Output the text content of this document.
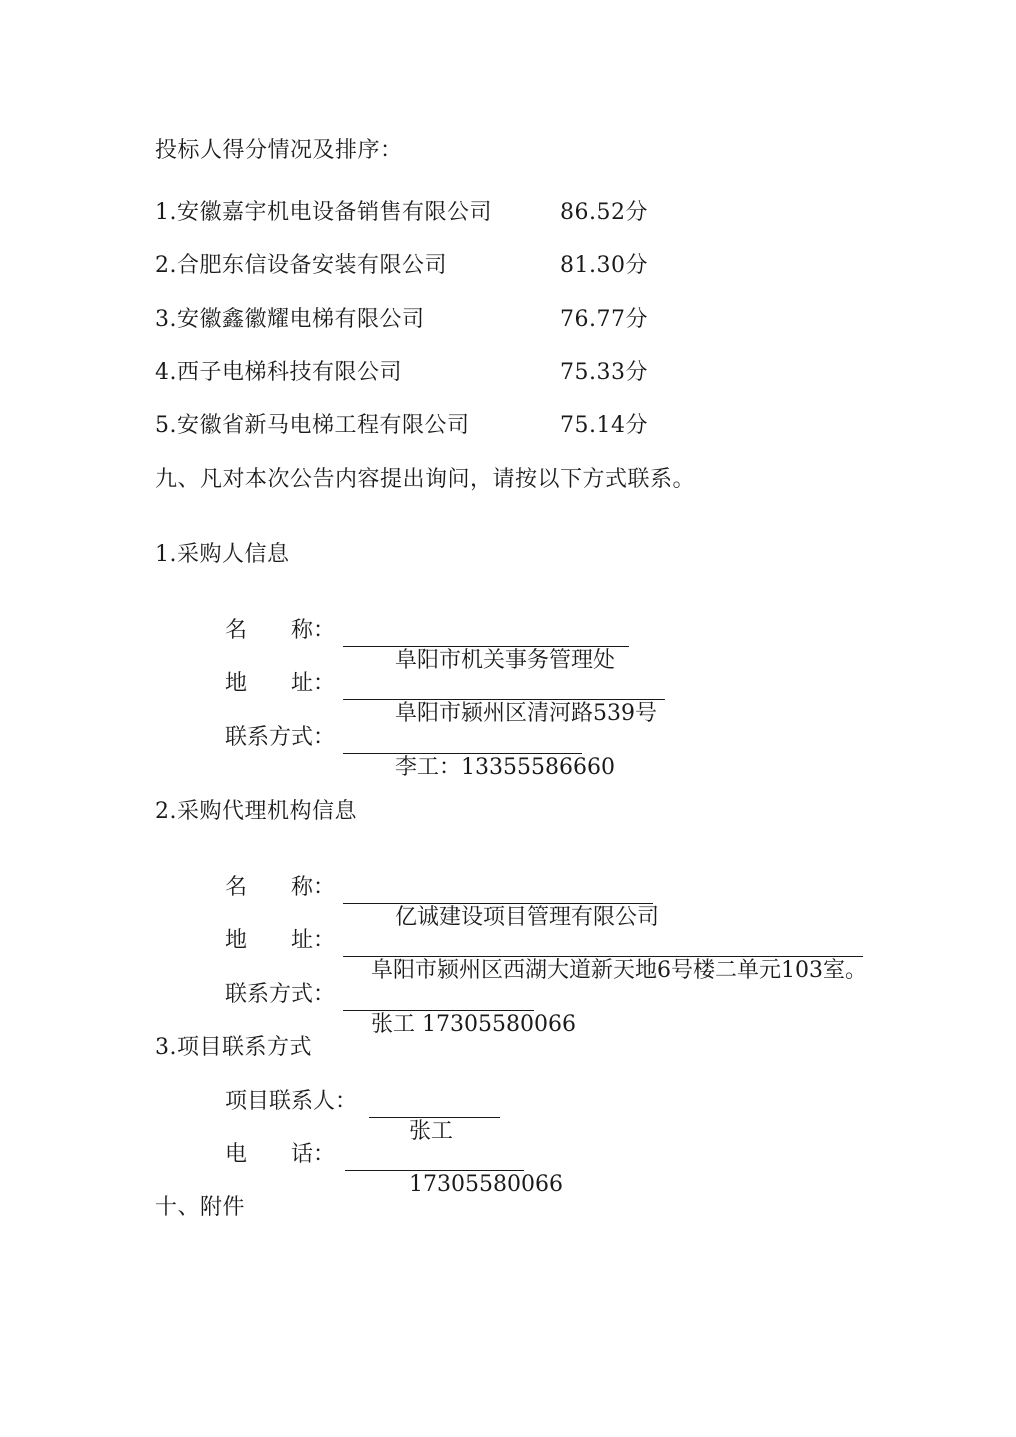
投标人得分情况及排序：
1.安徽嘉宇机电设备销售有限公司	86.52分
2.合肥东信设备安装有限公司	81.30分
3.安徽鑫徽耀电梯有限公司	76.77分
4.西子电梯科技有限公司	75.33分
5.安徽省新马电梯工程有限公司	75.14分
九、凡对本次公告内容提出询问，请按以下方式联系。
1.采购人信息
名　　称：

阜阳市机关事务管理处

地　　址：

阜阳市颍州区清河路539号

联系方式：

李工：13355586660

2.采购代理机构信息
名　　称：

亿诚建设项目管理有限公司

地　　址：

阜阳市颍州区西湖大道新天地6号楼二单元103室。

联系方式：

张工 17305580066

3.项目联系方式
项目联系人：

张工

电　　话：

17305580066

十、附件
